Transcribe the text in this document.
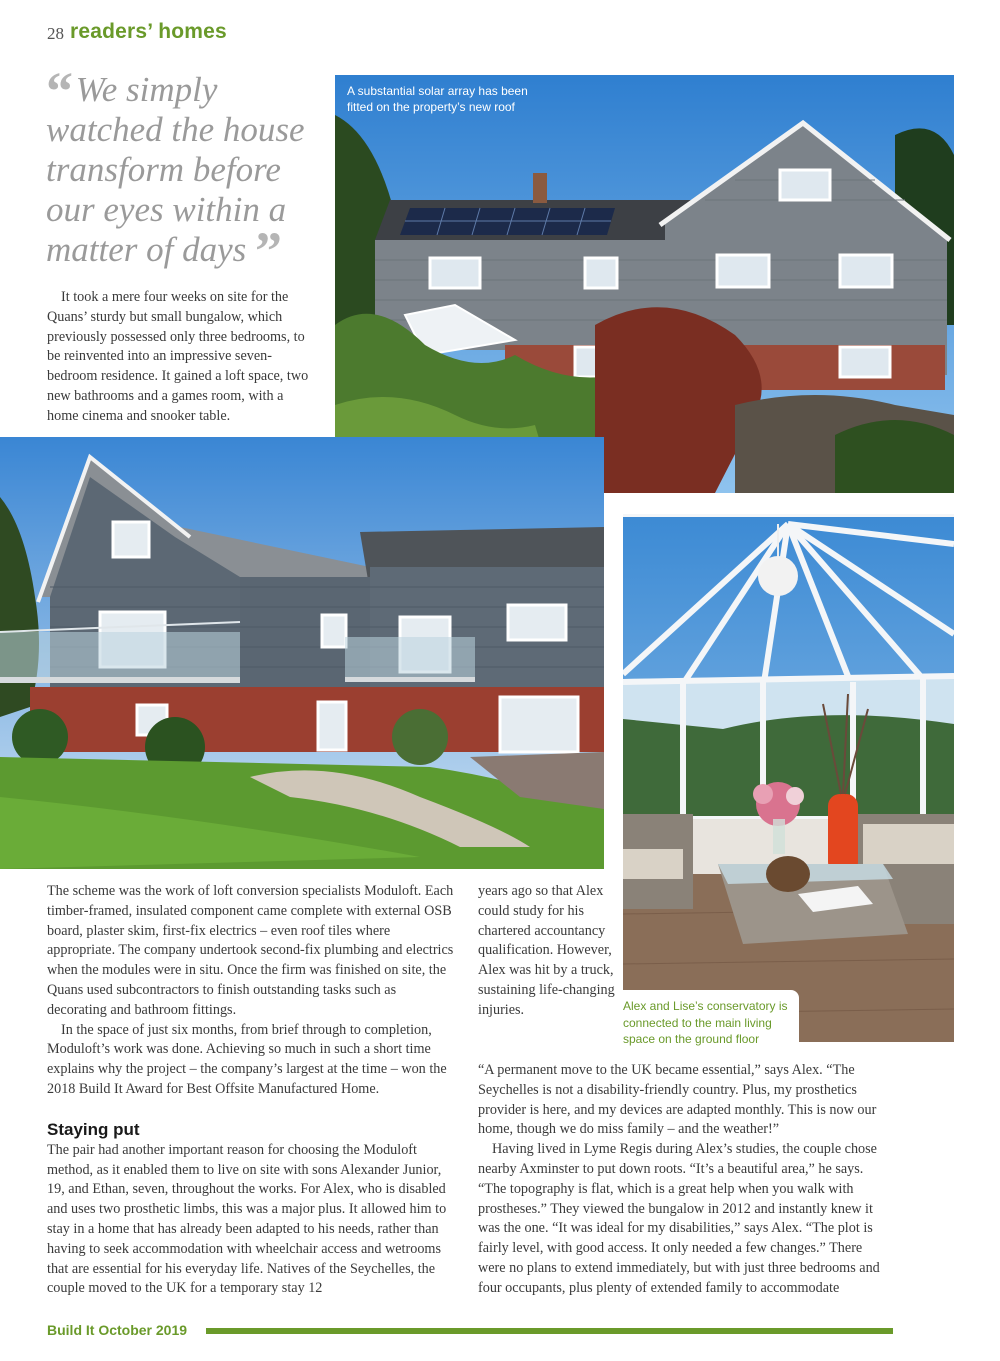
28 readers’ homes
“ We simply watched the house transform before our eyes within a matter of days ”

It took a mere four weeks on site for the Quans’ sturdy but small bungalow, which previously possessed only three bedrooms, to be reinvented into an impressive seven-bedroom residence. It gained a loft space, two new bathrooms and a games room, with a home cinema and snooker table.

A substantial solar array has been fitted on the property’s new roof
Alex and Lise’s conservatory is connected to the main living space on the ground floor

The scheme was the work of loft conversion specialists Moduloft. Each timber-framed, insulated component came complete with external OSB board, plaster skim, first-fix electrics – even roof tiles where appropriate. The company undertook second-fix plumbing and electrics when the modules were in situ. Once the firm was finished on site, the Quans used subcontractors to finish outstanding tasks such as decorating and bathroom fittings.

In the space of just six months, from brief through to completion, Moduloft’s work was done. Achieving so much in such a short time explains why the project – the company’s largest at the time – won the 2018 Build It Award for Best Offsite Manufactured Home.

Staying put

The pair had another important reason for choosing the Moduloft method, as it enabled them to live on site with sons Alexander Junior, 19, and Ethan, seven, throughout the works. For Alex, who is disabled and uses two prosthetic limbs, this was a major plus. It allowed him to stay in a home that has already been adapted to his needs, rather than having to seek accommodation with wheelchair access and wetrooms that are essential for his everyday life. Natives of the Seychelles, the couple moved to the UK for a temporary stay 12

years ago so that Alex could study for his chartered accountancy qualification. However, Alex was hit by a truck, sustaining life-changing injuries.

“A permanent move to the UK became essential,” says Alex. “The Seychelles is not a disability-friendly country. Plus, my prosthetics provider is here, and my devices are adapted monthly. This is now our home, though we do miss family – and the weather!”

Having lived in Lyme Regis during Alex’s studies, the couple chose nearby Axminster to put down roots. “It’s a beautiful area,” he says. “The topography is flat, which is a great help when you walk with prostheses.” They viewed the bungalow in 2012 and instantly knew it was the one. “It was ideal for my disabilities,” says Alex. “The plot is fairly level, with good access. It only needed a few changes.” There were no plans to extend immediately, but with just three bedrooms and four occupants, plus plenty of extended family to accommodate

Build It October 2019
